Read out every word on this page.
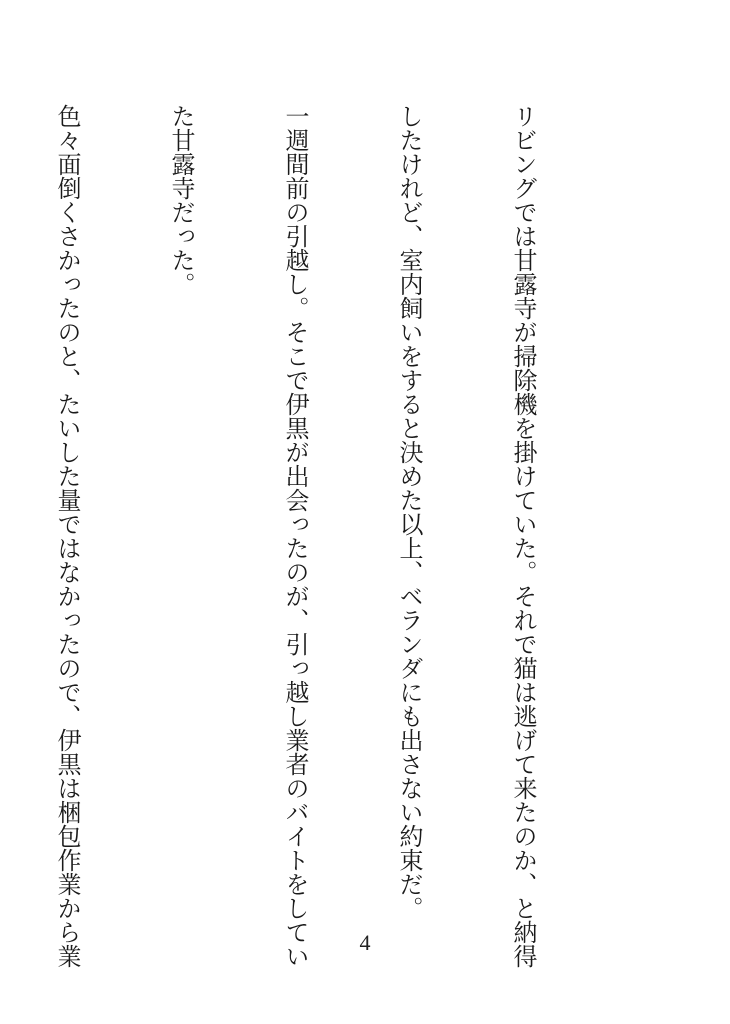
リビングでは甘露寺が掃除機を掛けていた。それで猫は逃げて来たのか、と納得

したけれど、室内飼いをすると決めた以上、ベランダにも出さない約束だ。

一週間前の引越し。そこで伊黒が出会ったのが、引っ越し業者のバイトをしてい

た甘露寺だった。

色々面倒くさかったのと、たいした量ではなかったので、伊黒は梱包作業から業

	4
